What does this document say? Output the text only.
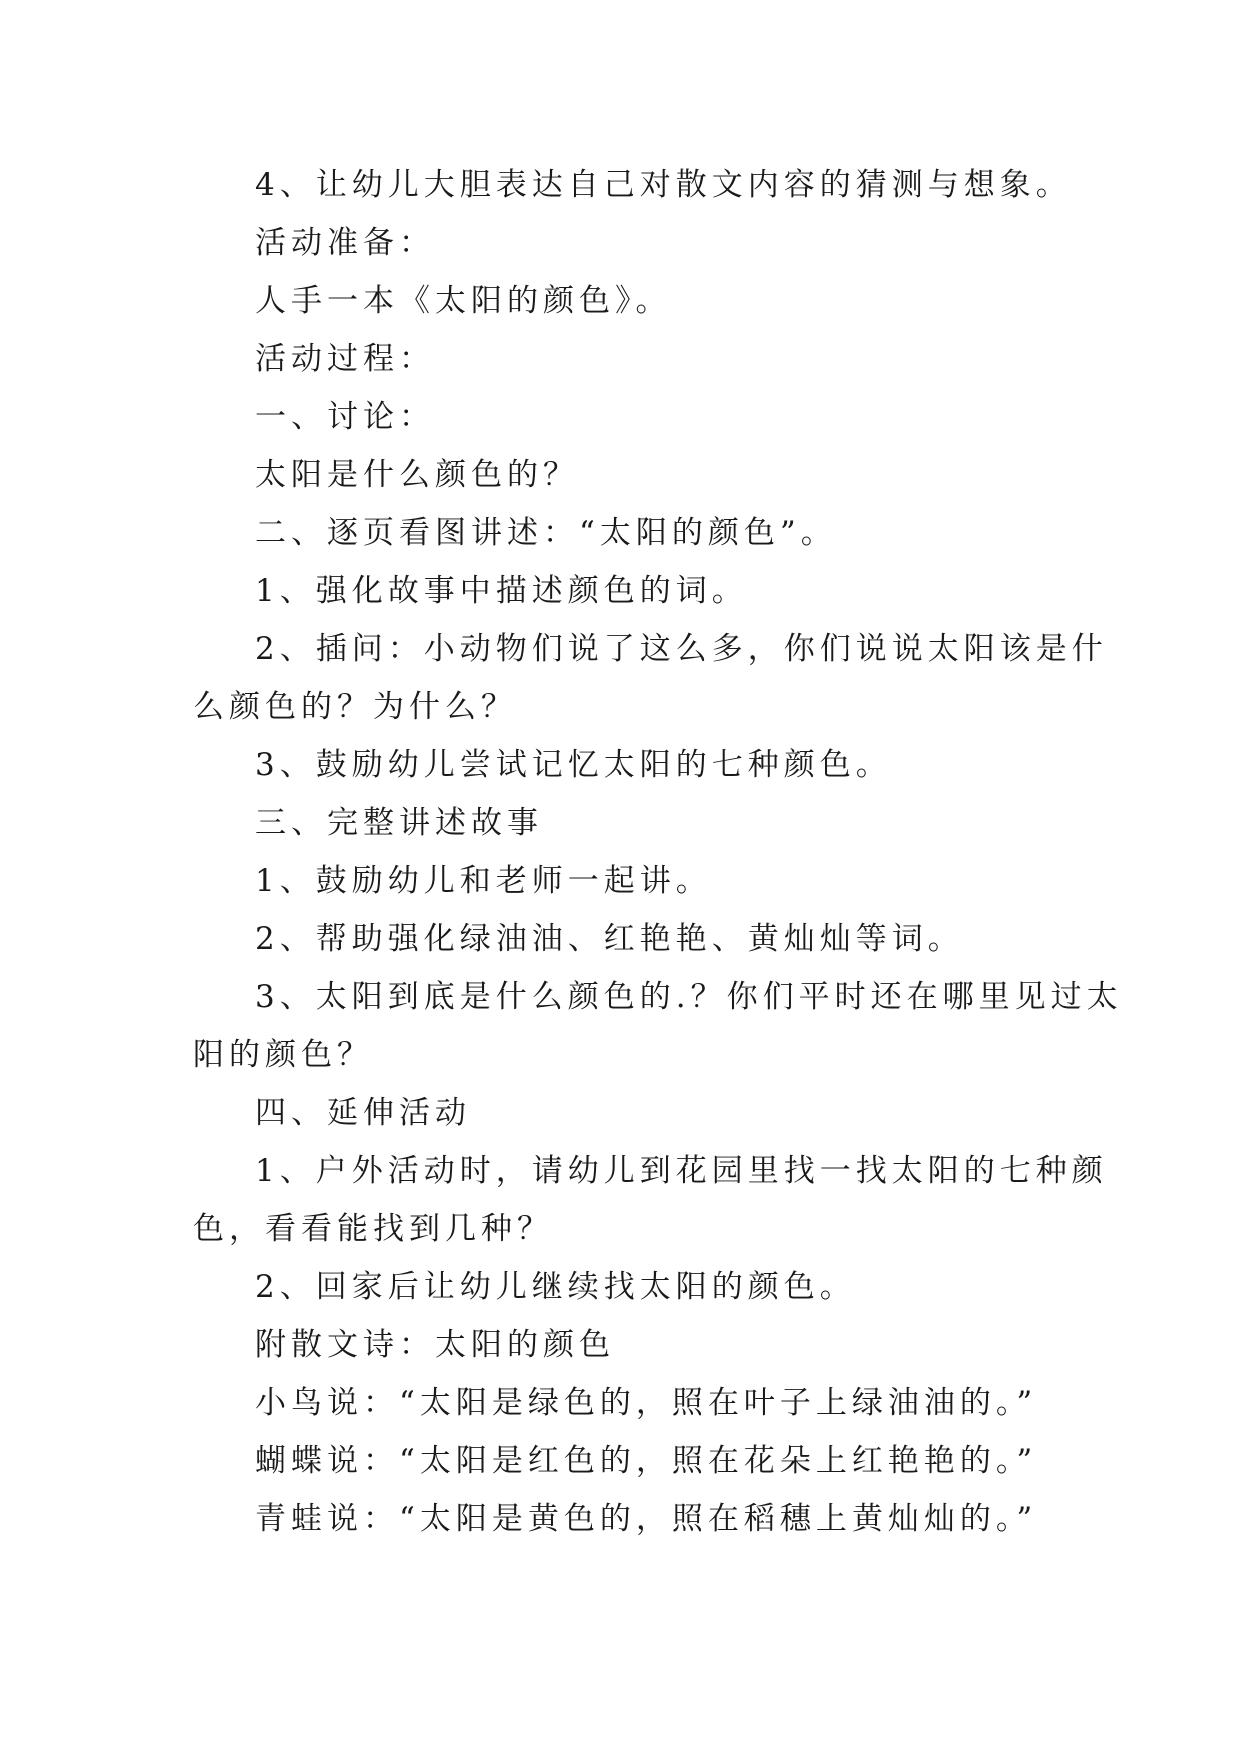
4、让幼儿大胆表达自己对散文内容的猜测与想象。

活动准备：

人手一本《太阳的颜色》。

活动过程：

一、讨论：

太阳是什么颜色的？

二、逐页看图讲述：“太阳的颜色”。

1、强化故事中描述颜色的词。

2、插问：小动物们说了这么多，你们说说太阳该是什

么颜色的？为什么？

3、鼓励幼儿尝试记忆太阳的七种颜色。

三、完整讲述故事

1、鼓励幼儿和老师一起讲。

2、帮助强化绿油油、红艳艳、黄灿灿等词。

3、太阳到底是什么颜色的.？你们平时还在哪里见过太

阳的颜色？

四、延伸活动

1、户外活动时，请幼儿到花园里找一找太阳的七种颜

色，看看能找到几种？

2、回家后让幼儿继续找太阳的颜色。

附散文诗：太阳的颜色

小鸟说：“太阳是绿色的，照在叶子上绿油油的。”

蝴蝶说：“太阳是红色的，照在花朵上红艳艳的。”

青蛙说：“太阳是黄色的，照在稻穗上黄灿灿的。”
